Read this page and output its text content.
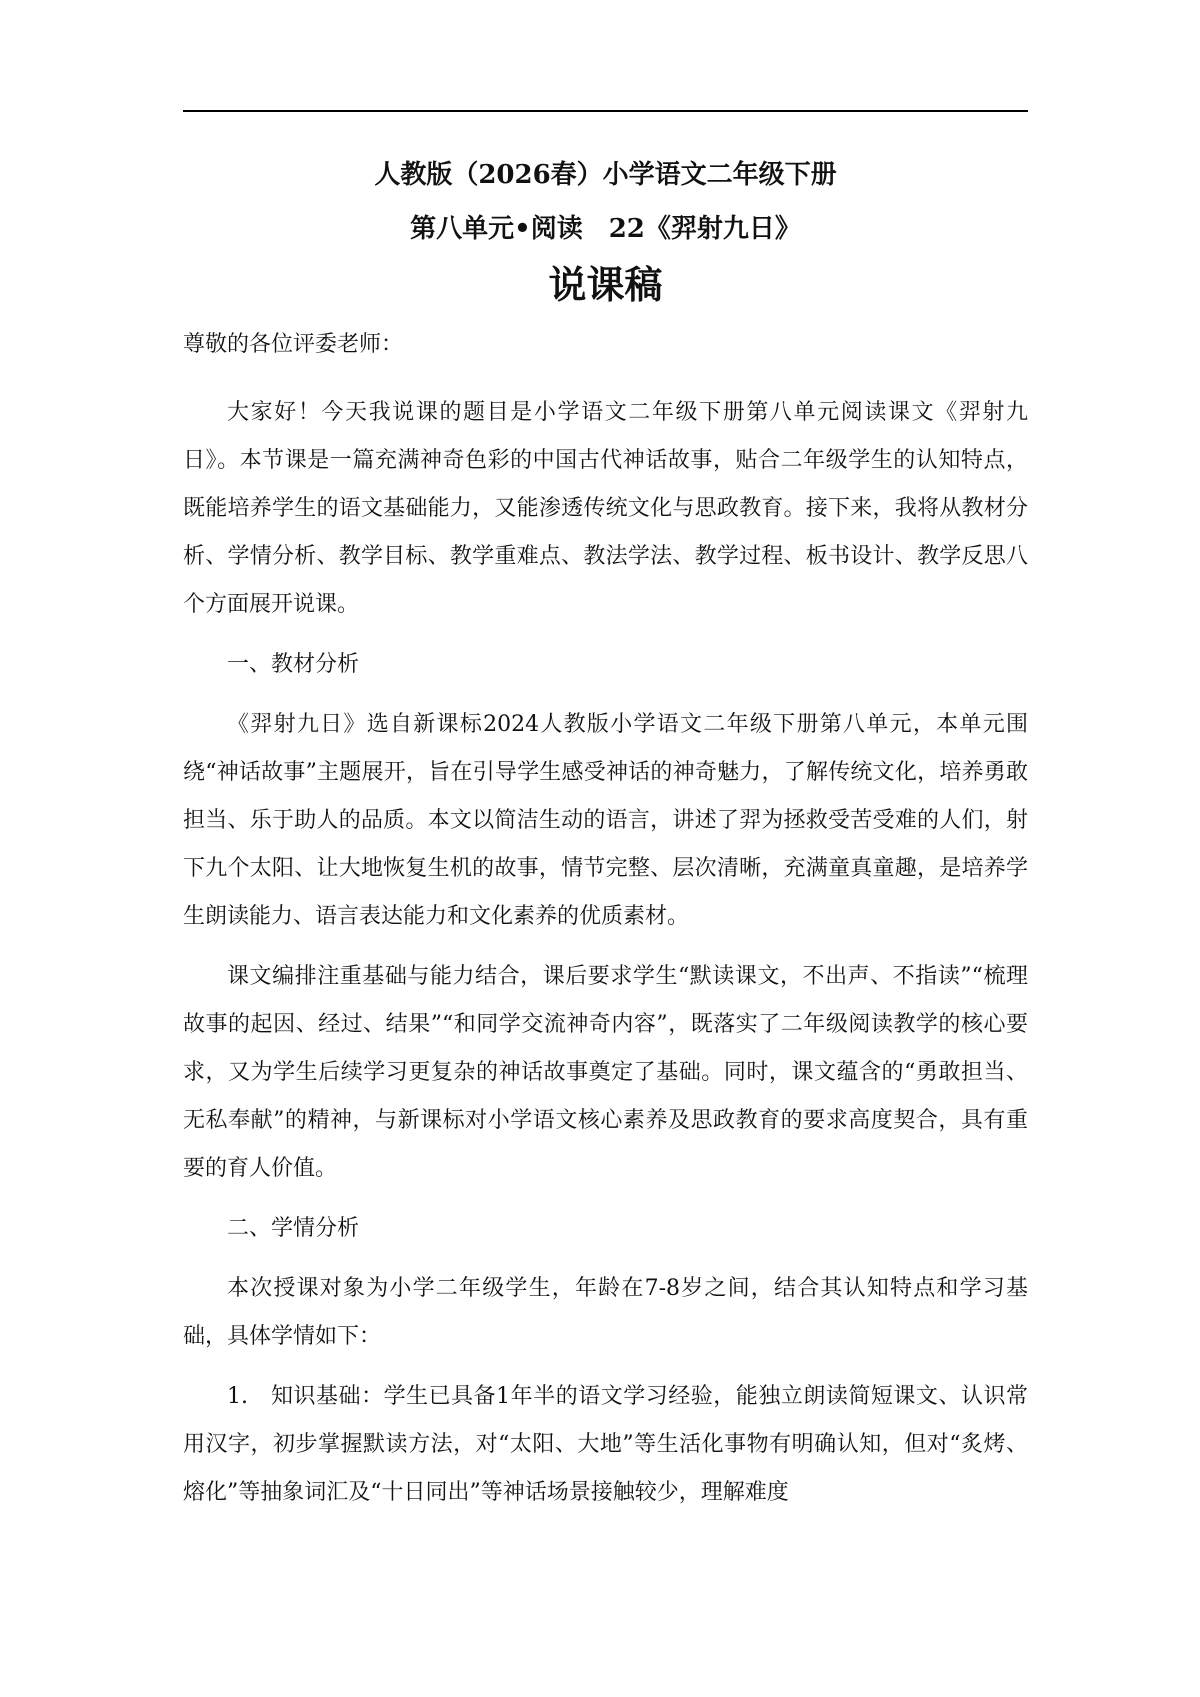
人教版（2026春）小学语文二年级下册
第八单元•阅读　22《羿射九日》
说课稿

尊敬的各位评委老师：

大家好！今天我说课的题目是小学语文二年级下册第八单元阅读课文《羿射九日》。本节课是一篇充满神奇色彩的中国古代神话故事，贴合二年级学生的认知特点，既能培养学生的语文基础能力，又能渗透传统文化与思政教育。接下来，我将从教材分析、学情分析、教学目标、教学重难点、教法学法、教学过程、板书设计、教学反思八个方面展开说课。

一、教材分析

《羿射九日》选自新课标2024人教版小学语文二年级下册第八单元，本单元围绕“神话故事”主题展开，旨在引导学生感受神话的神奇魅力，了解传统文化，培养勇敢担当、乐于助人的品质。本文以简洁生动的语言，讲述了羿为拯救受苦受难的人们，射下九个太阳、让大地恢复生机的故事，情节完整、层次清晰，充满童真童趣，是培养学生朗读能力、语言表达能力和文化素养的优质素材。

课文编排注重基础与能力结合，课后要求学生“默读课文，不出声、不指读”“梳理故事的起因、经过、结果”“和同学交流神奇内容”，既落实了二年级阅读教学的核心要求，又为学生后续学习更复杂的神话故事奠定了基础。同时，课文蕴含的“勇敢担当、无私奉献”的精神，与新课标对小学语文核心素养及思政教育的要求高度契合，具有重要的育人价值。

二、学情分析

本次授课对象为小学二年级学生，年龄在7-8岁之间，结合其认知特点和学习基础，具体学情如下：

1.　知识基础：学生已具备1年半的语文学习经验，能独立朗读简短课文、认识常用汉字，初步掌握默读方法，对“太阳、大地”等生活化事物有明确认知，但对“炙烤、熔化”等抽象词汇及“十日同出”等神话场景接触较少，理解难度
